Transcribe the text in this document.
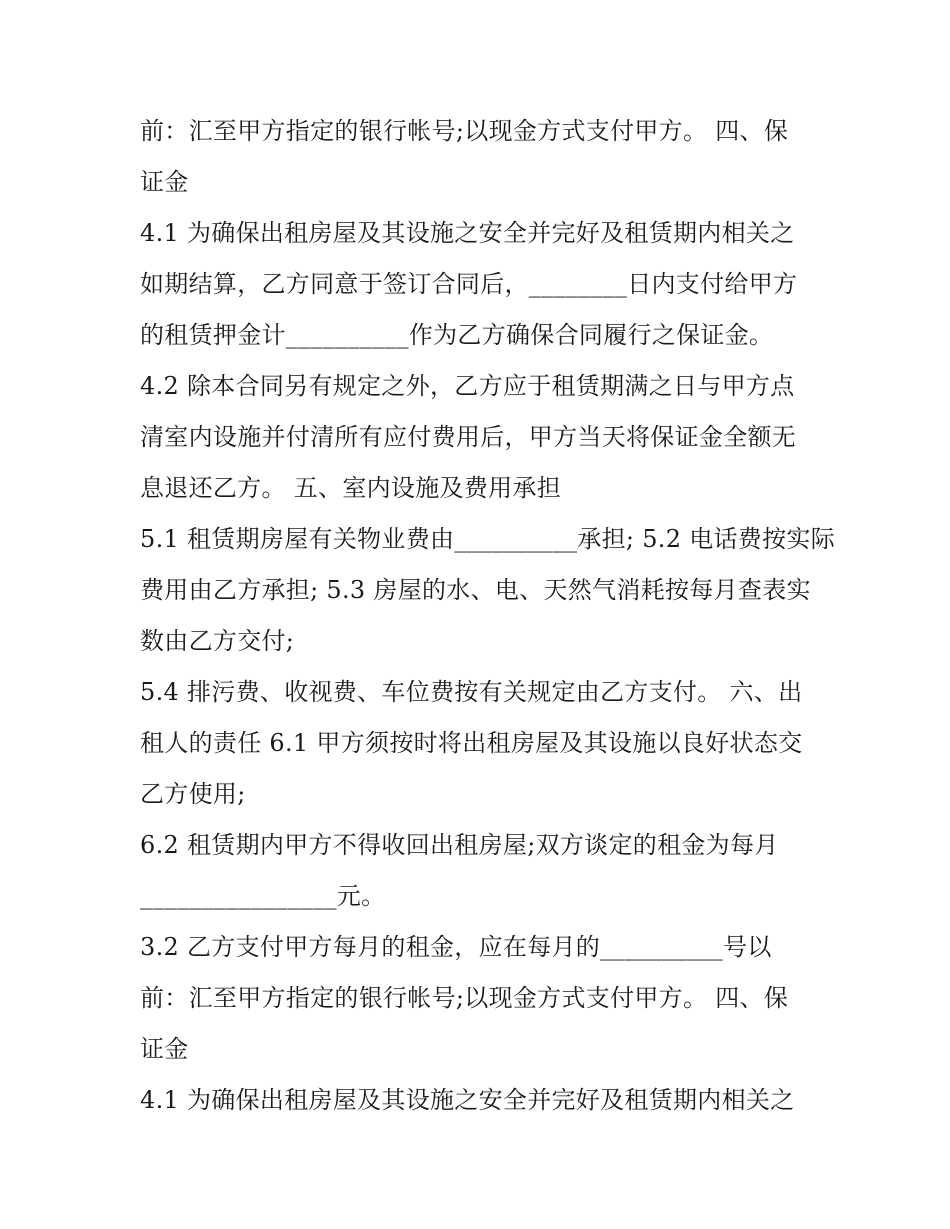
前：汇至甲方指定的银行帐号;以现金方式支付甲方。 四、保
证金
4.1 为确保出租房屋及其设施之安全并完好及租赁期内相关之
如期结算，乙方同意于签订合同后，________日内支付给甲方
的租赁押金计__________作为乙方确保合同履行之保证金。
4.2 除本合同另有规定之外，乙方应于租赁期满之日与甲方点
清室内设施并付清所有应付费用后，甲方当天将保证金全额无
息退还乙方。 五、室内设施及费用承担
5.1 租赁期房屋有关物业费由__________承担; 5.2 电话费按实际
费用由乙方承担; 5.3 房屋的水、电、天然气消耗按每月查表实
数由乙方交付;
5.4 排污费、收视费、车位费按有关规定由乙方支付。 六、出
租人的责任 6.1 甲方须按时将出租房屋及其设施以良好状态交
乙方使用;
6.2 租赁期内甲方不得收回出租房屋;双方谈定的租金为每月
________________元。
3.2 乙方支付甲方每月的租金，应在每月的__________号以
前：汇至甲方指定的银行帐号;以现金方式支付甲方。 四、保
证金
4.1 为确保出租房屋及其设施之安全并完好及租赁期内相关之
